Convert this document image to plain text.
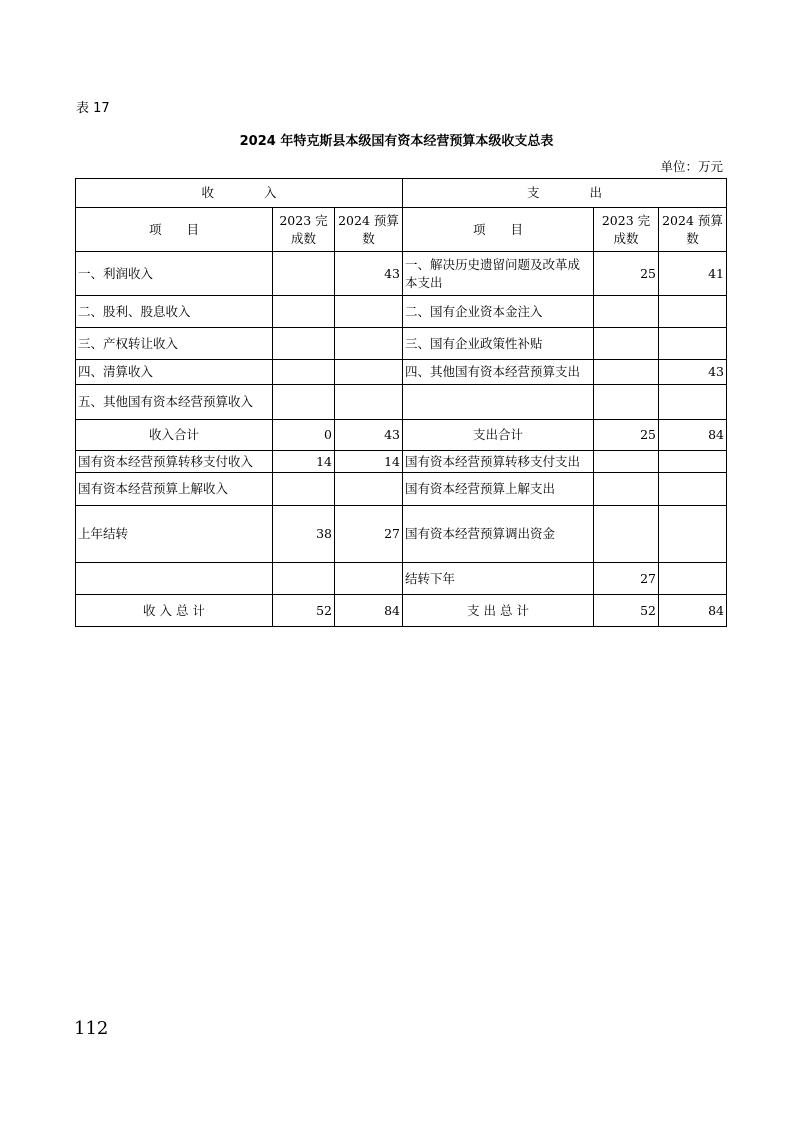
表 17
2024 年特克斯县本级国有资本经营预算本级收支总表
单位：万元
收　　　　入			支　　　　出		
项　　目	2023 完成数	2024 预算数	项　　目	2023 完成数	2024 预算数
一、利润收入		43	一、解决历史遗留问题及改革成本支出	25	41
二、股利、股息收入			二、国有企业资本金注入		
三、产权转让收入			三、国有企业政策性补贴		
四、清算收入			四、其他国有资本经营预算支出		43
五、其他国有资本经营预算收入					
收入合计	0	43	支出合计	25	84
国有资本经营预算转移支付收入	14	14	国有资本经营预算转移支付支出		
国有资本经营预算上解收入			国有资本经营预算上解支出		
上年结转	38	27	国有资本经营预算调出资金		
			结转下年	27	
收 入 总 计	52	84	支 出 总 计	52	84
112
